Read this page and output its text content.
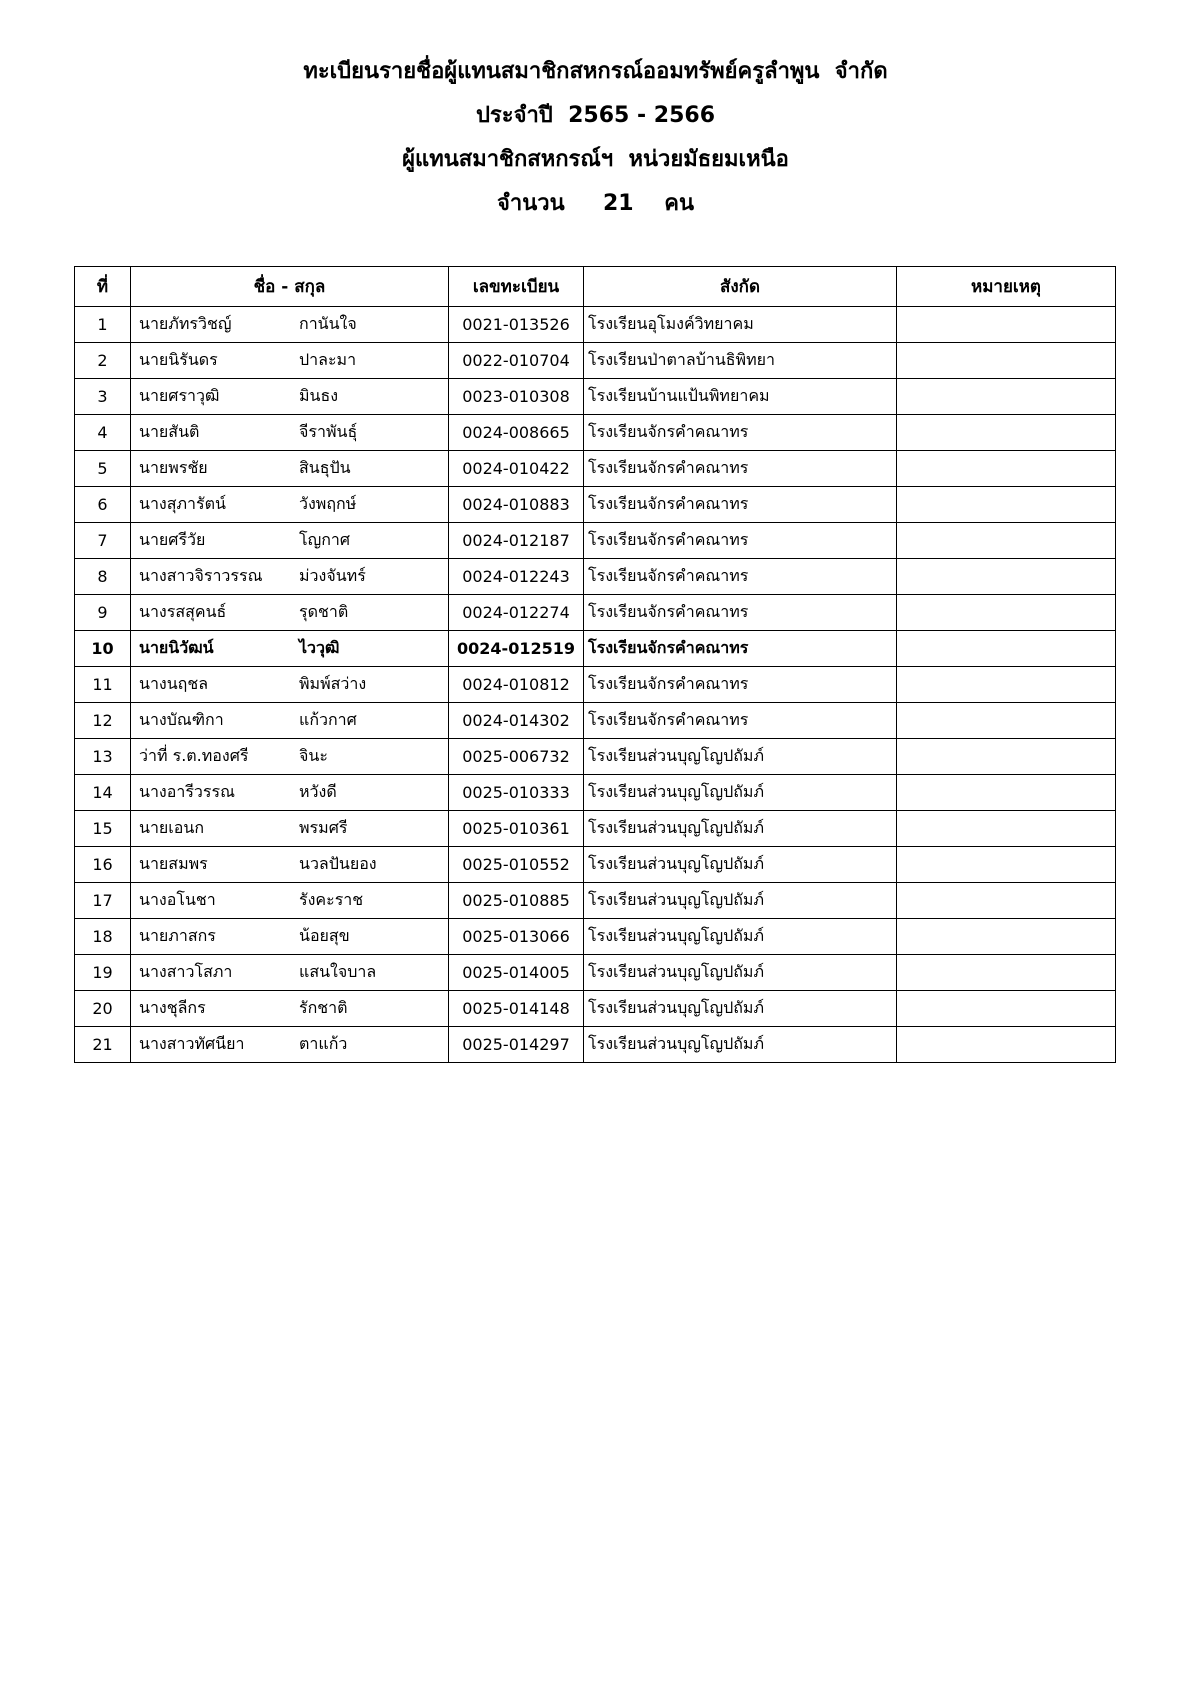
ทะเบียนรายชื่อผู้แทนสมาชิกสหกรณ์ออมทรัพย์ครูลำพูน  จำกัด
ประจำปี  2565 - 2566
ผู้แทนสมาชิกสหกรณ์ฯ  หน่วยมัธยมเหนือ
จำนวน     21    คน
ที่	ชื่อ - สกุล	เลขทะเบียน	สังกัด	หมายเหตุ
1	นายภัทรวิชญ์ กานันใจ	0021-013526	โรงเรียนอุโมงค์วิทยาคม	
2	นายนิรันดร ปาละมา	0022-010704	โรงเรียนป่าตาลบ้านธิพิทยา	
3	นายศราวุฒิ มินธง	0023-010308	โรงเรียนบ้านแป้นพิทยาคม	
4	นายสันติ จีราพันธุ์	0024-008665	โรงเรียนจักรคำคณาทร	
5	นายพรชัย สินธุปัน	0024-010422	โรงเรียนจักรคำคณาทร	
6	นางสุภารัตน์ วังพฤกษ์	0024-010883	โรงเรียนจักรคำคณาทร	
7	นายศรีวัย โญกาศ	0024-012187	โรงเรียนจักรคำคณาทร	
8	นางสาวจิราวรรณ ม่วงจันทร์	0024-012243	โรงเรียนจักรคำคณาทร	
9	นางรสสุคนธ์ รุดชาติ	0024-012274	โรงเรียนจักรคำคณาทร	
10	นายนิวัฒน์ ไววุฒิ	0024-012519	โรงเรียนจักรคำคณาทร	
11	นางนฤชล พิมพ์สว่าง	0024-010812	โรงเรียนจักรคำคณาทร	
12	นางบัณฑิกา แก้วกาศ	0024-014302	โรงเรียนจักรคำคณาทร	
13	ว่าที่ ร.ต.ทองศรี จินะ	0025-006732	โรงเรียนส่วนบุญโญปถัมภ์	
14	นางอารีวรรณ หวังดี	0025-010333	โรงเรียนส่วนบุญโญปถัมภ์	
15	นายเอนก พรมศรี	0025-010361	โรงเรียนส่วนบุญโญปถัมภ์	
16	นายสมพร นวลปันยอง	0025-010552	โรงเรียนส่วนบุญโญปถัมภ์	
17	นางอโนชา รังคะราช	0025-010885	โรงเรียนส่วนบุญโญปถัมภ์	
18	นายภาสกร น้อยสุข	0025-013066	โรงเรียนส่วนบุญโญปถัมภ์	
19	นางสาวโสภา แสนใจบาล	0025-014005	โรงเรียนส่วนบุญโญปถัมภ์	
20	นางชุลีกร รักชาติ	0025-014148	โรงเรียนส่วนบุญโญปถัมภ์	
21	นางสาวทัศนียา ตาแก้ว	0025-014297	โรงเรียนส่วนบุญโญปถัมภ์	
